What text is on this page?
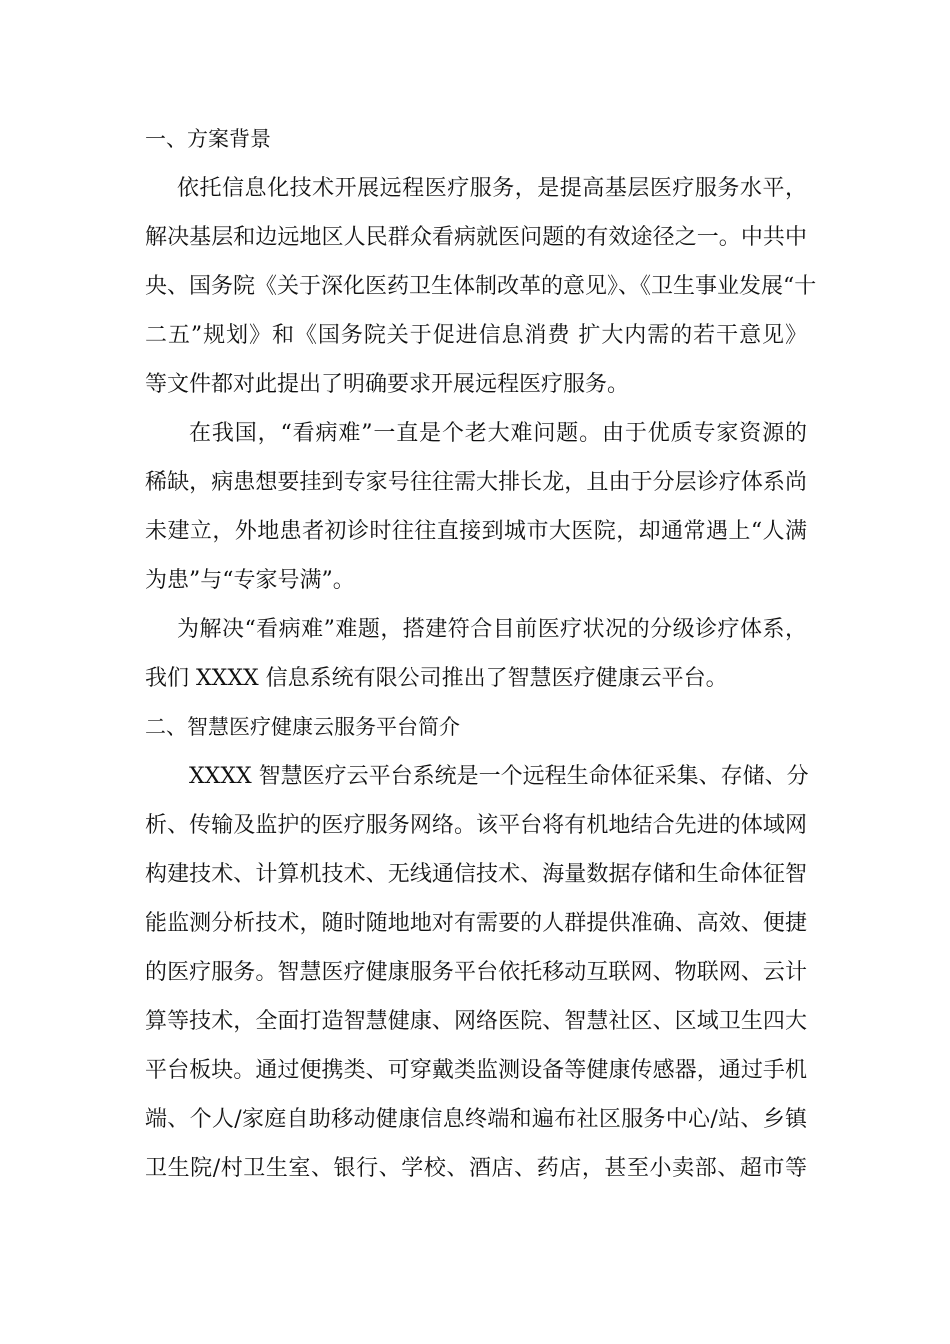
一、方案背景
依托信息化技术开展远程医疗服务，是提高基层医疗服务水平，
解决基层和边远地区人民群众看病就医问题的有效途径之一。中共中
央、国务院《关于深化医药卫生体制改革的意见》、《卫生事业发展“十
二五”规划》和《国务院关于促进信息消费 扩大内需的若干意见》
等文件都对此提出了明确要求开展远程医疗服务。
在我国，“看病难”一直是个老大难问题。由于优质专家资源的
稀缺，病患想要挂到专家号往往需大排长龙，且由于分层诊疗体系尚
未建立，外地患者初诊时往往直接到城市大医院，却通常遇上“人满
为患”与“专家号满”。
为解决“看病难”难题，搭建符合目前医疗状况的分级诊疗体系，
我们 XXXX 信息系统有限公司推出了智慧医疗健康云平台。
二、智慧医疗健康云服务平台简介
XXXX 智慧医疗云平台系统是一个远程生命体征采集、存储、分
析、传输及监护的医疗服务网络。该平台将有机地结合先进的体域网
构建技术、计算机技术、无线通信技术、海量数据存储和生命体征智
能监测分析技术，随时随地地对有需要的人群提供准确、高效、便捷
的医疗服务。智慧医疗健康服务平台依托移动互联网、物联网、云计
算等技术，全面打造智慧健康、网络医院、智慧社区、区域卫生四大
平台板块。通过便携类、可穿戴类监测设备等健康传感器，通过手机
端、个人/家庭自助移动健康信息终端和遍布社区服务中心/站、乡镇
卫生院/村卫生室、银行、学校、酒店、药店，甚至小卖部、超市等
